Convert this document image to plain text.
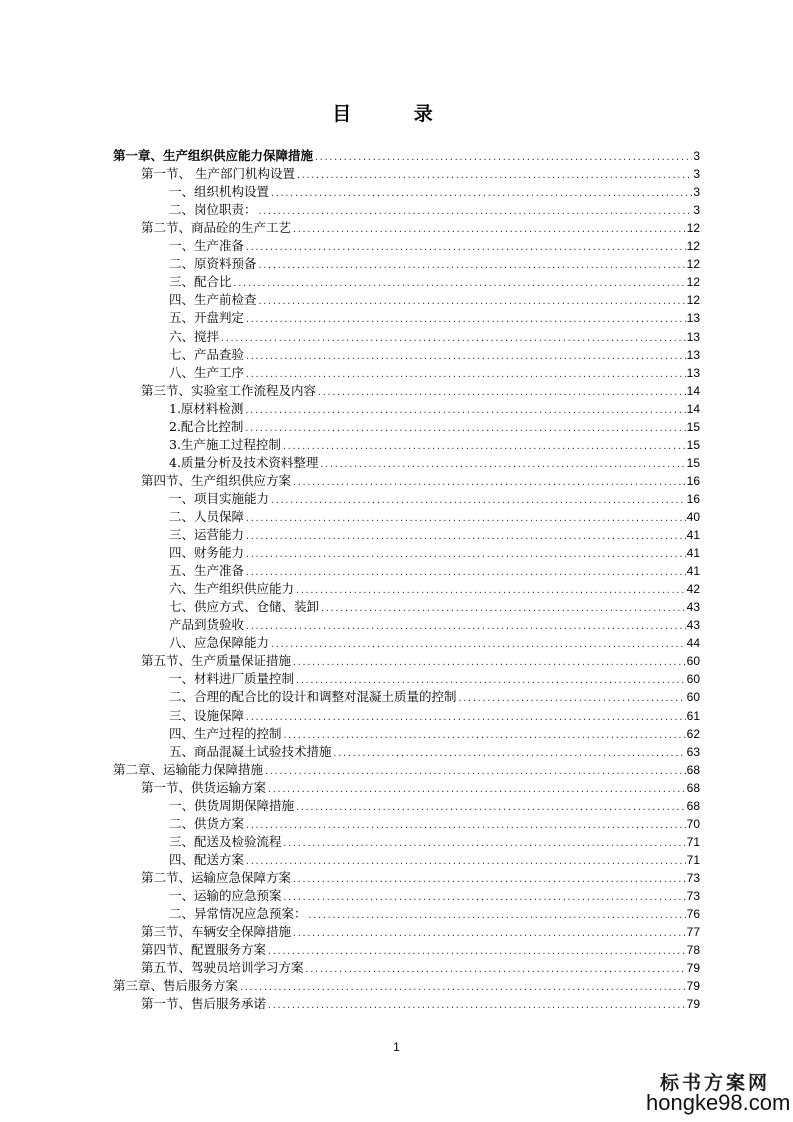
目 录
第一章、生产组织供应能力保障措施 .....	3
第一节、 生产部门机构设置 .....	3
一、组织机构设置 .....	3
二、岗位职责： .....	3
第二节、商品砼的生产工艺 .....	12
一、生产准备 .....	12
二、原资料预备 .....	12
三、配合比 .....	12
四、生产前检查 .....	12
五、开盘判定 .....	13
六、搅拌 .....	13
七、产品查验 .....	13
八、生产工序 .....	13
第三节、实验室工作流程及内容 .....	14
1.原材料检测 .....	14
2.配合比控制 .....	15
3.生产施工过程控制 .....	15
4.质量分析及技术资料整理 .....	15
第四节、生产组织供应方案 .....	16
一、项目实施能力 .....	16
二、人员保障 .....	40
三、运营能力 .....	41
四、财务能力 .....	41
五、生产准备 .....	41
六、生产组织供应能力 .....	42
七、供应方式、仓储、装卸 .....	43
产品到货验收 .....	43
八、应急保障能力 .....	44
第五节、生产质量保证措施 .....	60
一、材料进厂质量控制 .....	60
二、合理的配合比的设计和调整对混凝土质量的控制 .....	60
三、设施保障 .....	61
四、生产过程的控制 .....	62
五、商品混凝土试验技术措施 .....	63
第二章、运输能力保障措施 .....	68
第一节、供货运输方案 .....	68
一、供货周期保障措施 .....	68
二、供货方案 .....	70
三、配送及检验流程 .....	71
四、配送方案 .....	71
第二节、运输应急保障方案 .....	73
一、运输的应急预案 .....	73
二、异常情况应急预案： .....	76
第三节、车辆安全保障措施 .....	77
第四节、配置服务方案 .....	78
第五节、驾驶员培训学习方案 .....	79
第三章、售后服务方案 .....	79
第一节、售后服务承诺 .....	79
1
标书方案网
hongke98.com
